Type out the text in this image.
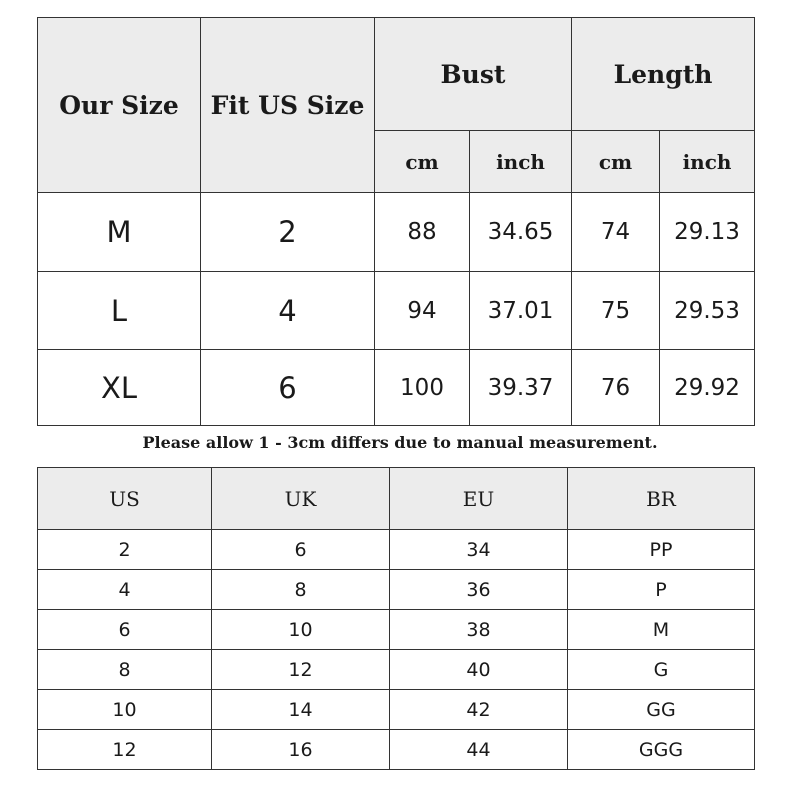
Our Size	Fit US Size	Bust		Length	
		cm	inch	cm	inch
M	2	88	34.65	74	29.13
L	4	94	37.01	75	29.53
XL	6	100	39.37	76	29.92

Please allow 1 - 3cm differs due to manual measurement.

US	UK	EU	BR
2	6	34	PP
4	8	36	P
6	10	38	M
8	12	40	G
10	14	42	GG
12	16	44	GGG
